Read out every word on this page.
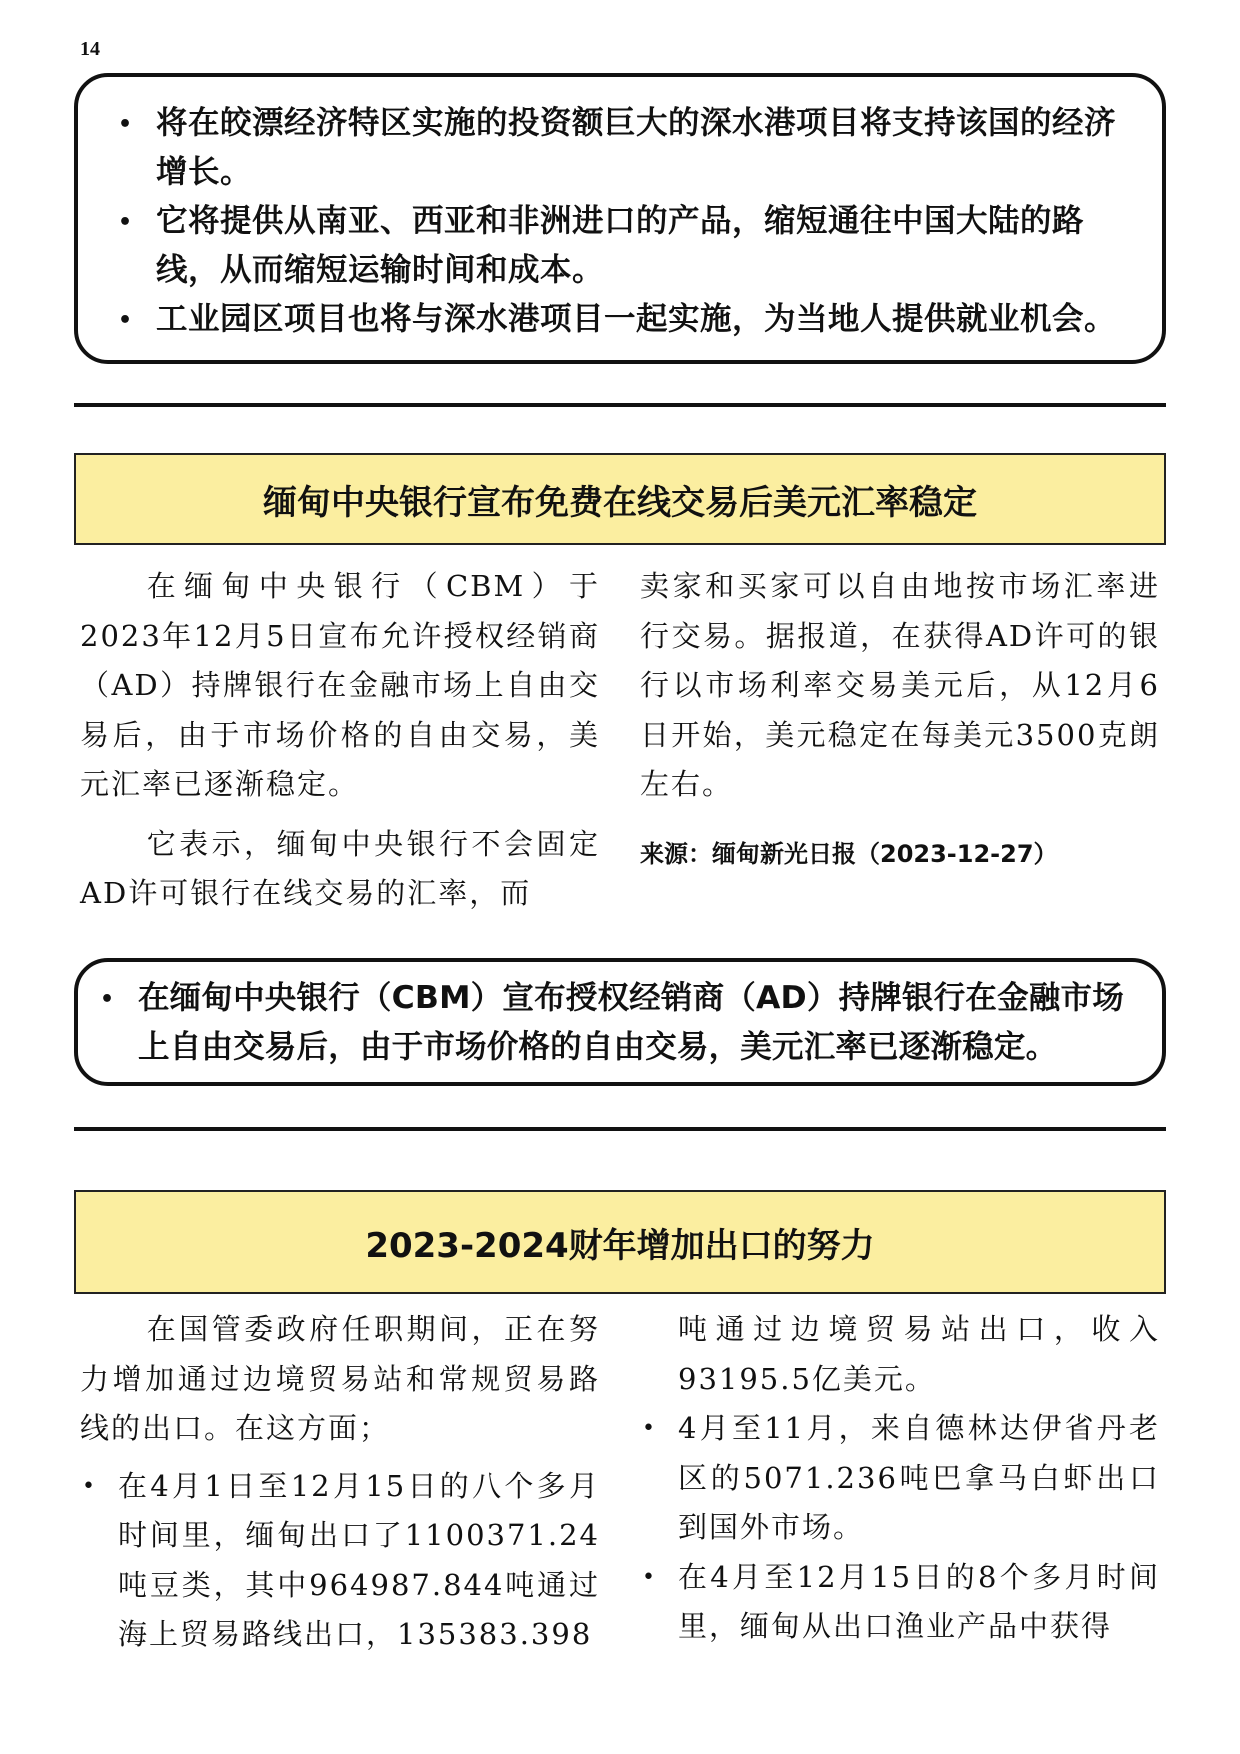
14
• 将在皎漂经济特区实施的投资额巨大的深水港项目将支持该国的经济增长。
• 它将提供从南亚、西亚和非洲进口的产品，缩短通往中国大陆的路线，从而缩短运输时间和成本。
• 工业园区项目也将与深水港项目一起实施，为当地人提供就业机会。
缅甸中央银行宣布免费在线交易后美元汇率稳定

在缅甸中央银行（CBM）于2023年12月5日宣布允许授权经销商（AD）持牌银行在金融市场上自由交易后，由于市场价格的自由交易，美元汇率已逐渐稳定。

它表示，缅甸中央银行不会固定AD许可银行在线交易的汇率，而

卖家和买家可以自由地按市场汇率进行交易。据报道，在获得AD许可的银行以市场利率交易美元后，从12月6日开始，美元稳定在每美元3500克朗左右。

来源：缅甸新光日报（2023-12-27）

• 在缅甸中央银行（CBM）宣布授权经销商（AD）持牌银行在金融市场上自由交易后，由于市场价格的自由交易，美元汇率已逐渐稳定。
2023-2024财年增加出口的努力

在国管委政府任职期间，正在努力增加通过边境贸易站和常规贸易路线的出口。在这方面；

• 在4月1日至12月15日的八个多月时间里，缅甸出口了1100371.24吨豆类，其中964987.844吨通过海上贸易路线出口，135383.398
吨通过边境贸易站出口，收入93195.5亿美元。
• 4月至11月，来自德林达伊省丹老区的5071.236吨巴拿马白虾出口到国外市场。
• 在4月至12月15日的8个多月时间里，缅甸从出口渔业产品中获得
